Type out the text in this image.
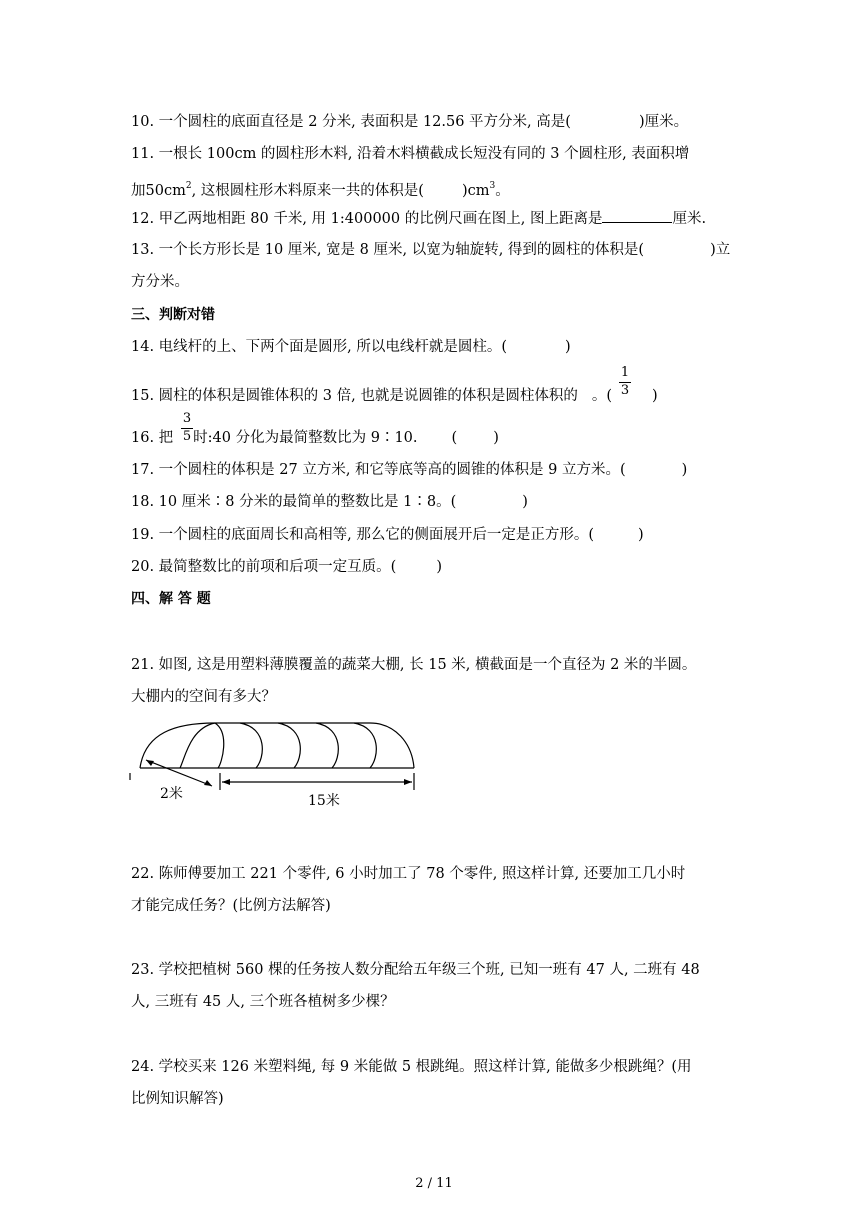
10. 一个圆柱的底面直径是 2 分米, 表面积是 12.56 平方分米, 高是(	)厘米。
11. 一根长 100cm 的圆柱形木料, 沿着木料横截成长短没有同的 3 个圆柱形, 表面积增
加$50cm^2$, 这根圆柱形木料原来一共的体积是(	)$cm^3$。
12. 甲乙两地相距 80 千米, 用 1:400000 的比例尺画在图上, 图上距离是	厘米.
13. 一个长方形长是 10 厘米, 宽是 8 厘米, 以宽为轴旋转, 得到的圆柱的体积是(	)立
方分米。
三、判断对错
14. 电线杆的上、下两个面是圆形, 所以电线杆就是圆柱。(	)
15. 圆柱的体积是圆锥体积的 3 倍, 也就是说圆锥的体积是圆柱体积的 。(	)
1
3
16. 把 时:40 分化为最简整数比为 9∶10. ( )
3
5
17. 一个圆柱的体积是 27 立方米, 和它等底等高的圆锥的体积是 9 立方米。(	)
18. 10 厘米∶8 分米的最简单的整数比是 1∶8。(	)
19. 一个圆柱的底面周长和高相等, 那么它的侧面展开后一定是正方形。(	)
20. 最简整数比的前项和后项一定互质。(	)
四、解 答 题
21. 如图, 这是用塑料薄膜覆盖的蔬菜大棚, 长 15 米, 横截面是一个直径为 2 米的半圆。
大棚内的空间有多大？
2米	15米
22. 陈师傅要加工 221 个零件, 6 小时加工了 78 个零件, 照这样计算, 还要加工几小时
才能完成任务？(比例方法解答)
23. 学校把植树 560 棵的任务按人数分配给五年级三个班, 已知一班有 47 人, 二班有 48
人, 三班有 45 人, 三个班各植树多少棵？
24. 学校买来 126 米塑料绳, 每 9 米能做 5 根跳绳。照这样计算, 能做多少根跳绳？(用
比例知识解答)
2 / 11
